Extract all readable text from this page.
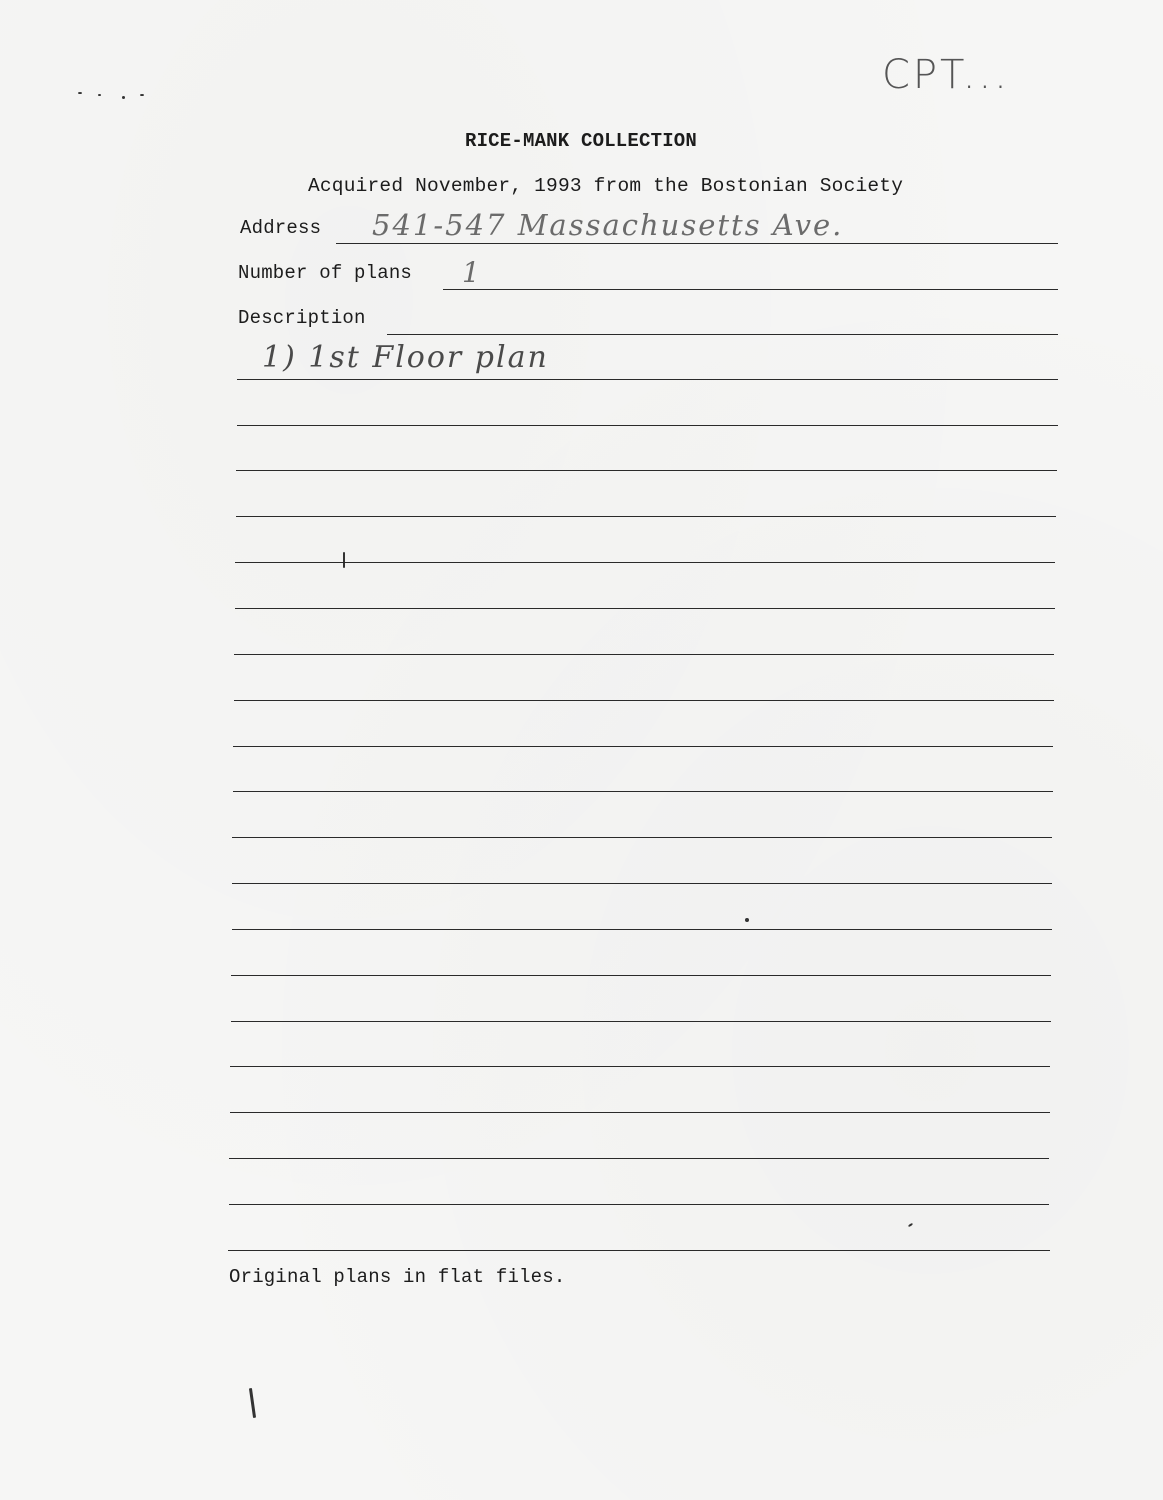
CPT...
RICE-MANK COLLECTION
Acquired November, 1993 from the Bostonian Society
Address 541-547 Massachusetts Ave.
Number of plans 1
Description
1) 1st Floor plan
Original plans in flat files.
